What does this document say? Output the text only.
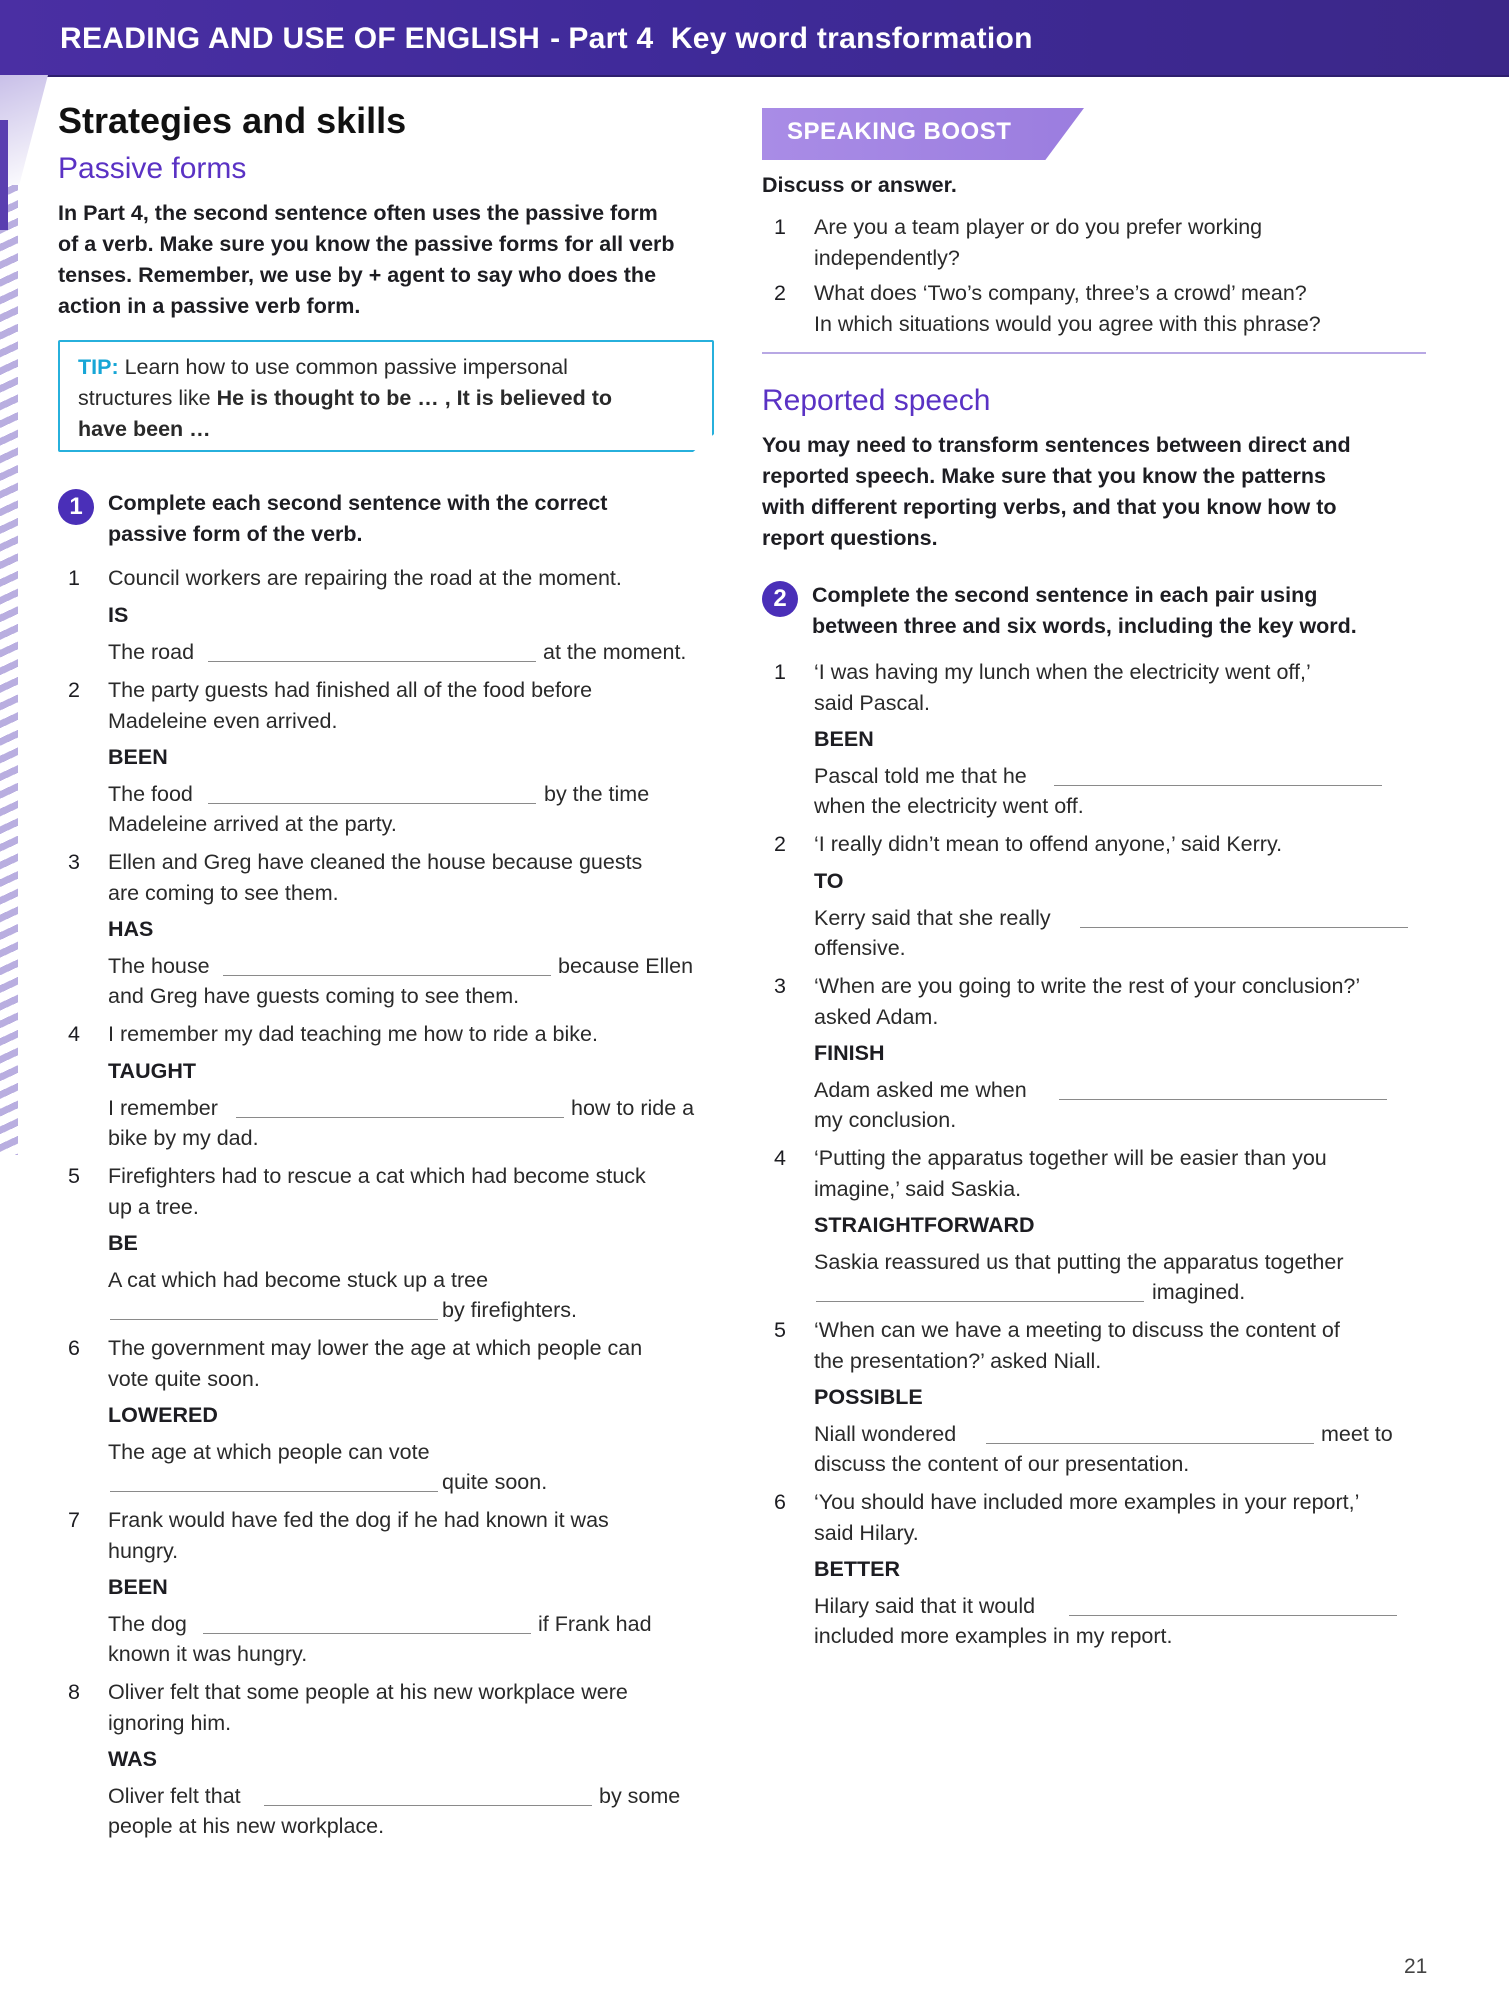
READING AND USE OF ENGLISH - Part 4 Key word transformation
Strategies and skills
Passive forms
In Part 4, the second sentence often uses the passive form
of a verb. Make sure you know the passive forms for all verb
tenses. Remember, we use by + agent to say who does the
action in a passive verb form.
TIP: Learn how to use common passive impersonal
structures like He is thought to be … , It is believed to
have been …
1	Complete each second sentence with the correct
passive form of the verb.
1 Council workers are repairing the road at the moment.
IS
The road	at the moment.
2 The party guests had finished all of the food before
Madeleine even arrived.
BEEN
The food	by the time
Madeleine arrived at the party.
3 Ellen and Greg have cleaned the house because guests
are coming to see them.
HAS
The house	because Ellen
and Greg have guests coming to see them.
4 I remember my dad teaching me how to ride a bike.
TAUGHT
I remember	how to ride a
bike by my dad.
5 Firefighters had to rescue a cat which had become stuck
up a tree.
BE
A cat which had become stuck up a tree
by firefighters.
6 The government may lower the age at which people can
vote quite soon.
LOWERED
The age at which people can vote
quite soon.
7 Frank would have fed the dog if he had known it was
hungry.
BEEN
The dog	if Frank had
known it was hungry.
8 Oliver felt that some people at his new workplace were
ignoring him.
WAS
Oliver felt that	by some
people at his new workplace.
SPEAKING BOOST
Discuss or answer.
1 Are you a team player or do you prefer working
independently?
2 What does ‘Two’s company, three’s a crowd’ mean?
In which situations would you agree with this phrase?
Reported speech
You may need to transform sentences between direct and
reported speech. Make sure that you know the patterns
with different reporting verbs, and that you know how to
report questions.
2	Complete the second sentence in each pair using
between three and six words, including the key word.
1 ‘I was having my lunch when the electricity went off,’
said Pascal.
BEEN
Pascal told me that he
when the electricity went off.
2 ‘I really didn’t mean to offend anyone,’ said Kerry.
TO
Kerry said that she really
offensive.
3 ‘When are you going to write the rest of your conclusion?’
asked Adam.
FINISH
Adam asked me when
my conclusion.
4 ‘Putting the apparatus together will be easier than you
imagine,’ said Saskia.
STRAIGHTFORWARD
Saskia reassured us that putting the apparatus together
imagined.
5 ‘When can we have a meeting to discuss the content of
the presentation?’ asked Niall.
POSSIBLE
Niall wondered	meet to
discuss the content of our presentation.
6 ‘You should have included more examples in your report,’
said Hilary.
BETTER
Hilary said that it would
included more examples in my report.
21
